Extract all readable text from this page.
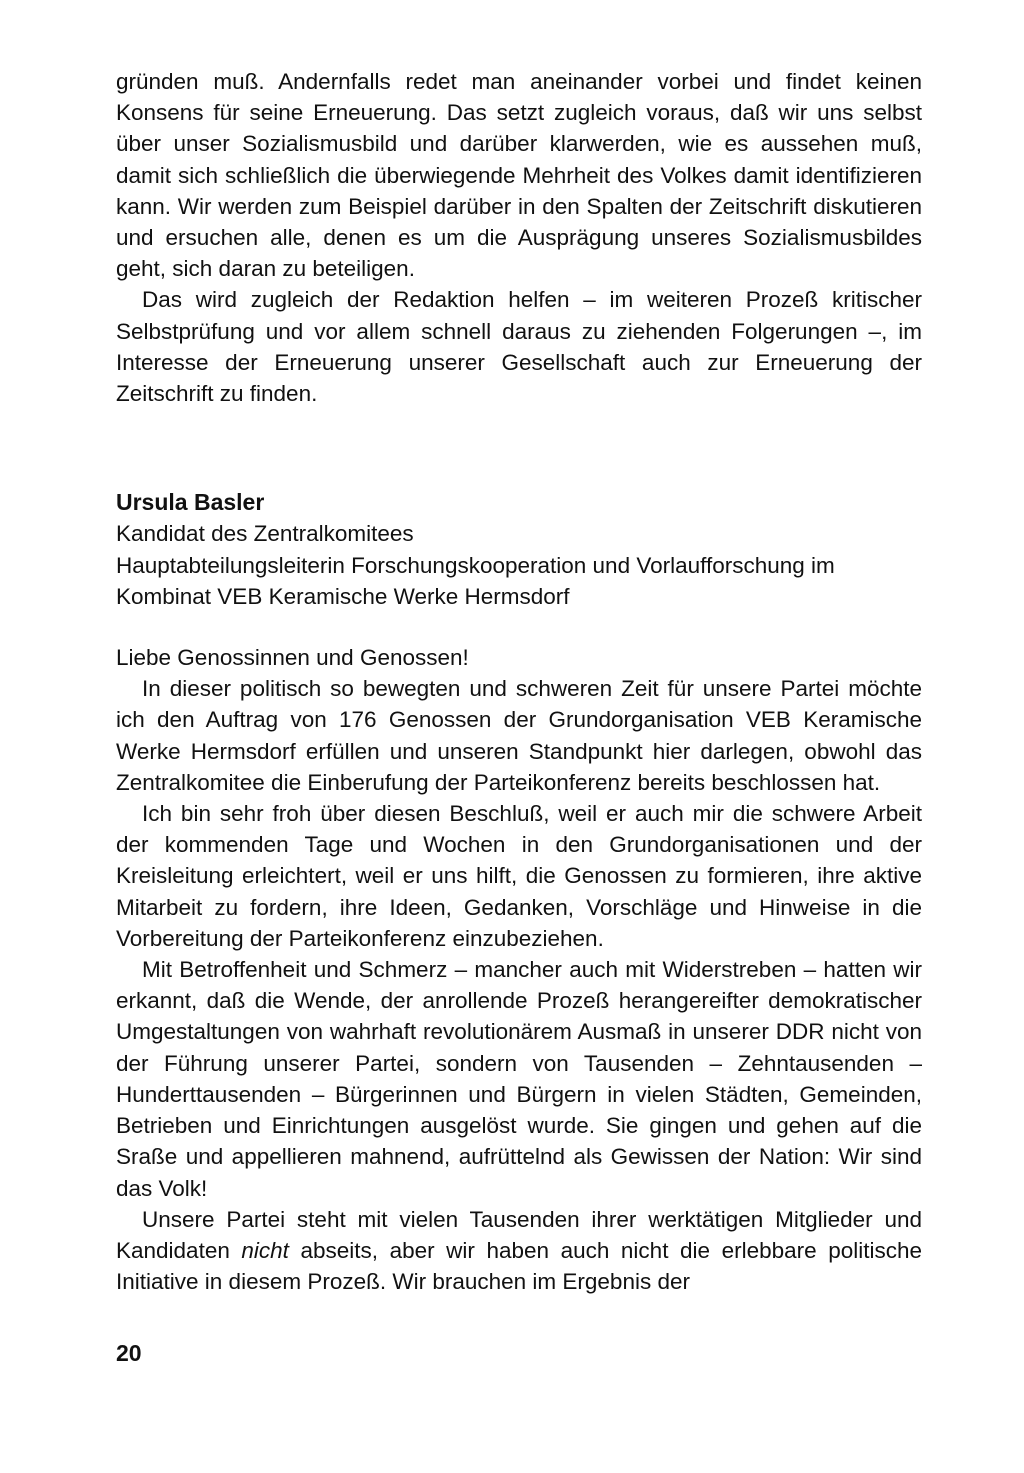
gründen muß. Andernfalls redet man aneinander vorbei und findet keinen Konsens für seine Erneuerung. Das setzt zugleich voraus, daß wir uns selbst über unser Sozialismusbild und darüber klarwerden, wie es aussehen muß, damit sich schließlich die überwiegende Mehrheit des Volkes damit identifizieren kann. Wir werden zum Beispiel darüber in den Spalten der Zeitschrift diskutieren und ersuchen alle, denen es um die Ausprägung unseres Sozialismusbildes geht, sich daran zu beteiligen.

Das wird zugleich der Redaktion helfen – im weiteren Prozeß kritischer Selbstprüfung und vor allem schnell daraus zu ziehenden Folgerungen –, im Interesse der Erneuerung unserer Gesellschaft auch zur Erneuerung der Zeitschrift zu finden.

Ursula Basler

Kandidat des Zentralkomitees

Hauptabteilungsleiterin Forschungskooperation und Vorlaufforschung im Kombinat VEB Keramische Werke Hermsdorf

Liebe Genossinnen und Genossen!

In dieser politisch so bewegten und schweren Zeit für unsere Partei möchte ich den Auftrag von 176 Genossen der Grundorganisation VEB Keramische Werke Hermsdorf erfüllen und unseren Standpunkt hier darlegen, obwohl das Zentralkomitee die Einberufung der Parteikonferenz bereits beschlossen hat.

Ich bin sehr froh über diesen Beschluß, weil er auch mir die schwere Arbeit der kommenden Tage und Wochen in den Grundorganisationen und der Kreisleitung erleichtert, weil er uns hilft, die Genossen zu formieren, ihre aktive Mitarbeit zu fordern, ihre Ideen, Gedanken, Vorschläge und Hinweise in die Vorbereitung der Parteikonferenz einzubeziehen.

Mit Betroffenheit und Schmerz – mancher auch mit Widerstreben – hatten wir erkannt, daß die Wende, der anrollende Prozeß herangereifter demokratischer Umgestaltungen von wahrhaft revolutionärem Ausmaß in unserer DDR nicht von der Führung unserer Partei, sondern von Tausenden – Zehntausenden – Hunderttausenden – Bürgerinnen und Bürgern in vielen Städten, Gemeinden, Betrieben und Einrichtungen ausgelöst wurde. Sie gingen und gehen auf die Sraße und appellieren mahnend, aufrüttelnd als Gewissen der Nation: Wir sind das Volk!

Unsere Partei steht mit vielen Tausenden ihrer werktätigen Mitglieder und Kandidaten nicht abseits, aber wir haben auch nicht die erlebbare politische Initiative in diesem Prozeß. Wir brauchen im Ergebnis der

20
